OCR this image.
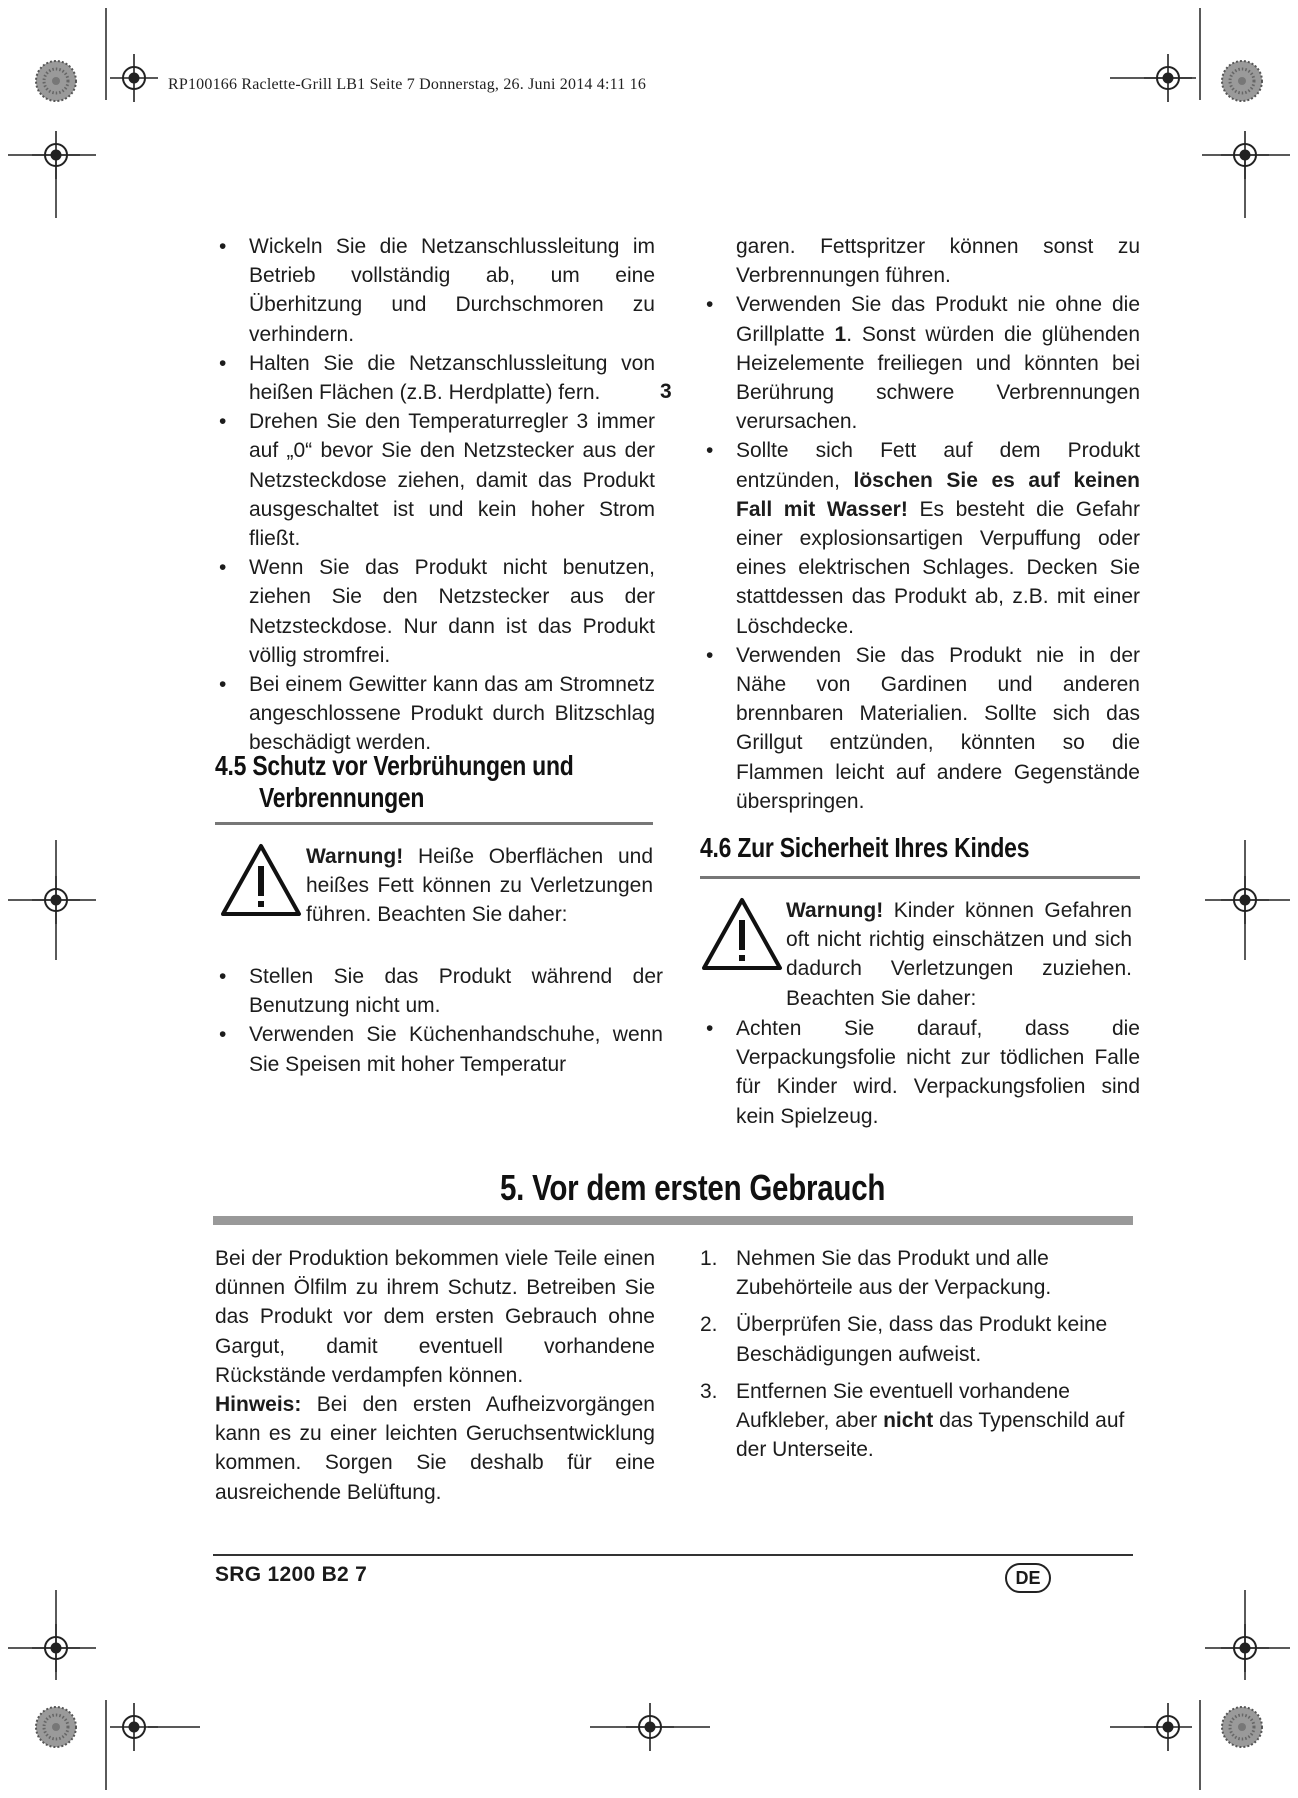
RP100166 Raclette-Grill LB1 Seite 7 Donnerstag, 26. Juni 2014 4:11 16
• Wickeln Sie die Netzanschlussleitung im Betrieb vollständig ab, um eine Überhitzung und Durchschmoren zu verhindern.
• Halten Sie die Netzanschlussleitung von heißen Flächen (z.B. Herdplatte) fern.
• Drehen Sie den Temperaturregler 3 immer auf „0“ bevor Sie den Netzstecker aus der Netzsteckdose ziehen, damit das Produkt ausgeschaltet ist und kein hoher Strom fließt.
• Wenn Sie das Produkt nicht benutzen, ziehen Sie den Netzstecker aus der Netzsteckdose. Nur dann ist das Produkt völlig stromfrei.
• Bei einem Gewitter kann das am Stromnetz angeschlossene Produkt durch Blitzschlag beschädigt werden.
3
4.5 Schutz vor Verbrühungen und
Verbrennungen

Warnung! Heiße Oberflächen und heißes Fett können zu Verletzungen führen. Beachten Sie daher:

• Stellen Sie das Produkt während der Benutzung nicht um.
• Verwenden Sie Küchenhandschuhe, wenn Sie Speisen mit hoher Temperatur

garen. Fettspritzer können sonst zu Verbrennungen führen.

• Verwenden Sie das Produkt nie ohne die Grillplatte 1. Sonst würden die glühenden Heizelemente freiliegen und könnten bei Berührung schwere Verbrennungen verursachen.
• Sollte sich Fett auf dem Produkt entzünden, löschen Sie es auf keinen Fall mit Wasser! Es besteht die Gefahr einer explosionsartigen Verpuffung oder eines elektrischen Schlages. Decken Sie stattdessen das Produkt ab, z.B. mit einer Löschdecke.
• Verwenden Sie das Produkt nie in der Nähe von Gardinen und anderen brennbaren Materialien. Sollte sich das Grillgut entzünden, könnten so die Flammen leicht auf andere Gegenstände überspringen.
4.6 Zur Sicherheit Ihres Kindes

Warnung! Kinder können Gefahren oft nicht richtig einschätzen und sich dadurch Verletzungen zuziehen. Beachten Sie daher:

• Achten Sie darauf, dass die Verpackungsfolie nicht zur tödlichen Falle für Kinder wird. Verpackungsfolien sind kein Spielzeug.
5. Vor dem ersten Gebrauch

Bei der Produktion bekommen viele Teile einen dünnen Ölfilm zu ihrem Schutz. Betreiben Sie das Produkt vor dem ersten Gebrauch ohne Gargut, damit eventuell vorhandene Rückstände verdampfen können.

Hinweis: Bei den ersten Aufheizvorgängen kann es zu einer leichten Geruchsentwicklung kommen. Sorgen Sie deshalb für eine ausreichende Belüftung.

1. Nehmen Sie das Produkt und alle Zubehörteile aus der Verpackung.
2. Überprüfen Sie, dass das Produkt keine Beschädigungen aufweist.
3. Entfernen Sie eventuell vorhandene Aufkleber, aber nicht das Typenschild auf der Unterseite.
SRG 1200 B2 7	DE
